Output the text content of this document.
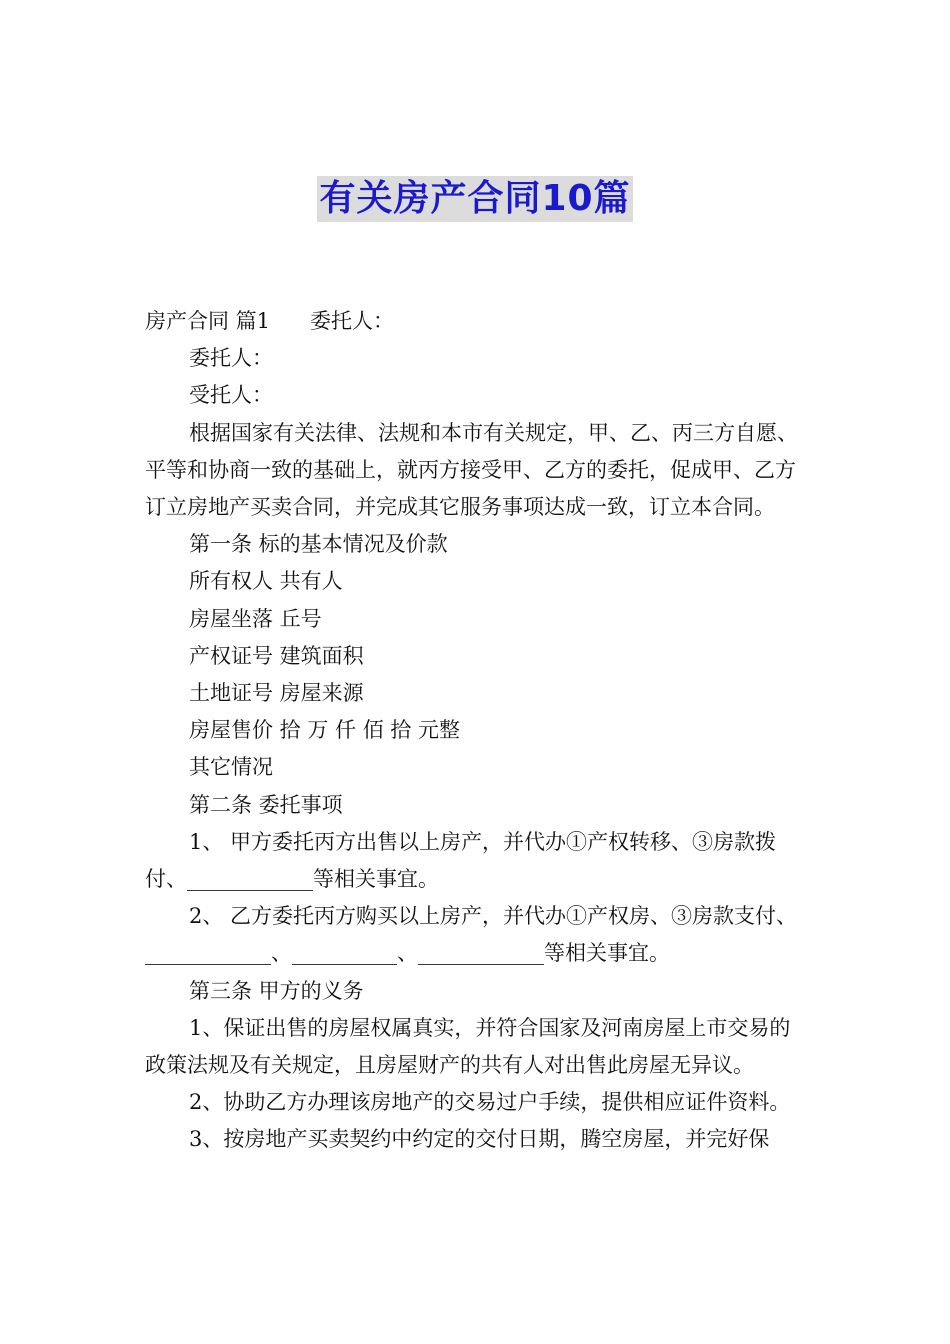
有关房产合同10篇

房产合同 篇1 委托人：

委托人：

受托人：

根据国家有关法律、法规和本市有关规定，甲、乙、丙三方自愿、平等和协商一致的基础上，就丙方接受甲、乙方的委托，促成甲、乙方订立房地产买卖合同，并完成其它服务事项达成一致，订立本合同。

第一条 标的基本情况及价款

所有权人 共有人

房屋坐落 丘号

产权证号 建筑面积

土地证号 房屋来源

房屋售价 拾 万 仟 佰 拾 元整

其它情况

第二条 委托事项

1、 甲方委托丙方出售以上房产，并代办①产权转移、③房款拨付、____________等相关事宜。

2、 乙方委托丙方购买以上房产，并代办①产权房、③房款支付、____________、__________、____________等相关事宜。

第三条 甲方的义务

1、保证出售的房屋权属真实，并符合国家及河南房屋上市交易的政策法规及有关规定，且房屋财产的共有人对出售此房屋无异议。

2、协助乙方办理该房地产的交易过户手续，提供相应证件资料。

3、按房地产买卖契约中约定的交付日期，腾空房屋，并完好保
